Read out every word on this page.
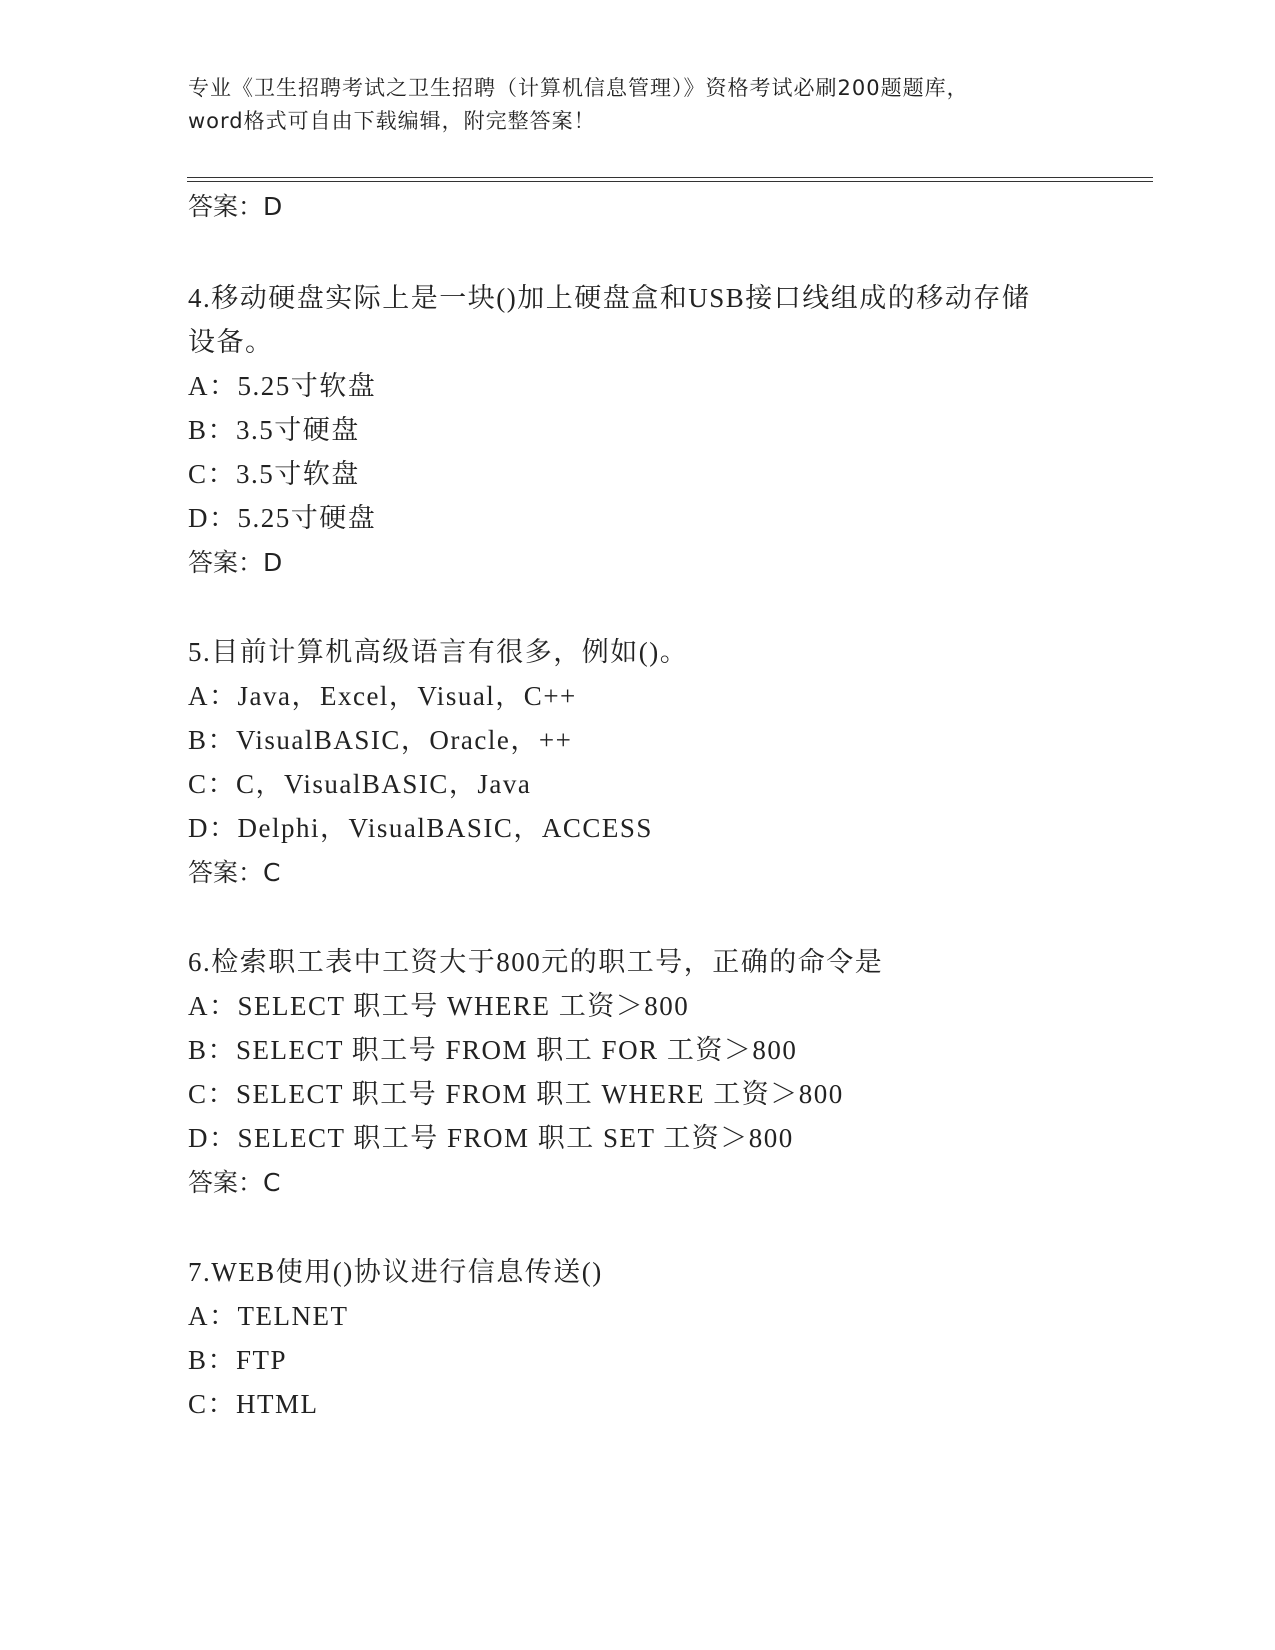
专业《卫生招聘考试之卫生招聘（计算机信息管理）》资格考试必刷200题题库，
word格式可自由下载编辑，附完整答案！
答案：D
4.移动硬盘实际上是一块()加上硬盘盒和USB接口线组成的移动存储
设备。
A：5.25寸软盘
B：3.5寸硬盘
C：3.5寸软盘
D：5.25寸硬盘
答案：D
5.目前计算机高级语言有很多，例如()。
A：Java，Excel，Visual，C++
B：VisualBASIC，Oracle，++
C：C，VisualBASIC，Java
D：Delphi，VisualBASIC，ACCESS
答案：C
6.检索职工表中工资大于800元的职工号，正确的命令是
A：SELECT 职工号 WHERE 工资＞800
B：SELECT 职工号 FROM 职工 FOR 工资＞800
C：SELECT 职工号 FROM 职工 WHERE 工资＞800
D：SELECT 职工号 FROM 职工 SET 工资＞800
答案：C
7.WEB使用()协议进行信息传送()
A：TELNET
B：FTP
C：HTML
